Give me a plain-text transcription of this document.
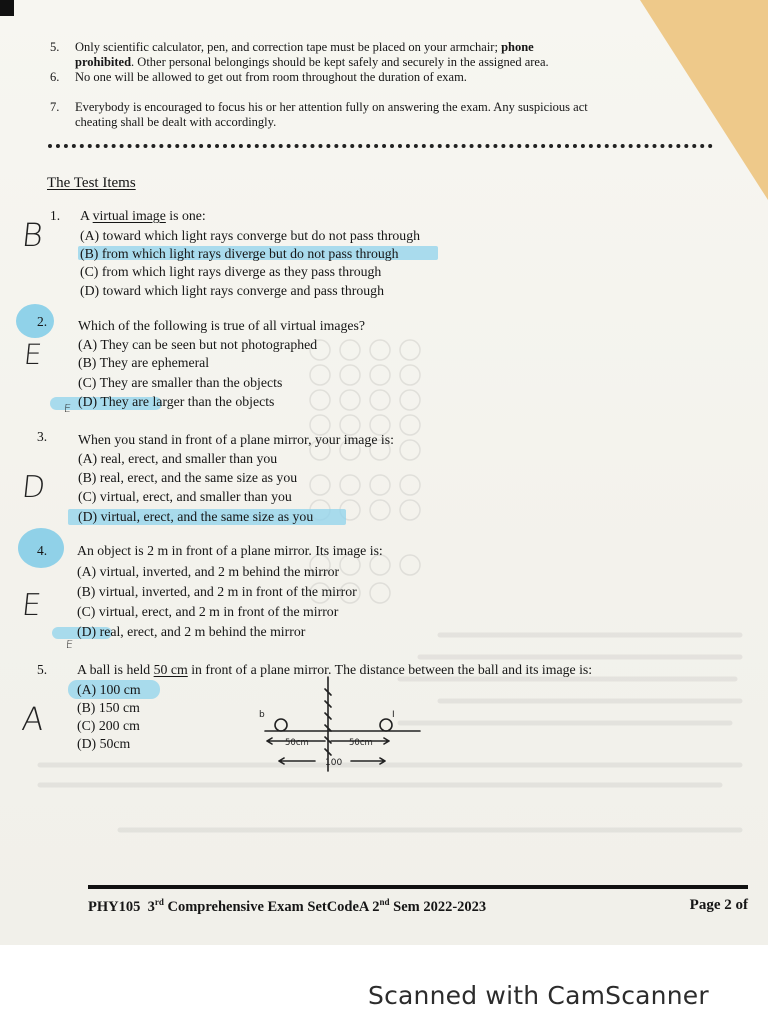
5. Only scientific calculator, pen, and correction tape must be placed on your armchair; phone
prohibited. Other personal belongings should be kept safely and securely in the assigned area.
6. No one will be allowed to get out from room throughout the duration of exam.
7. Everybody is encouraged to focus his or her attention fully on answering the exam. Any suspicious act
cheating shall be dealt with accordingly.
The Test Items
1. A virtual image is one:
(A) toward which light rays converge but do not pass through
(B) from which light rays diverge but do not pass through
(C) from which light rays diverge as they pass through
(D) toward which light rays converge and pass through
B
2. Which of the following is true of all virtual images?
(A) They can be seen but not photographed
(B) They are ephemeral
(C) They are smaller than the objects
(D) They are larger than the objects
E
E
3. When you stand in front of a plane mirror, your image is:
(A) real, erect, and smaller than you
(B) real, erect, and the same size as you
(C) virtual, erect, and smaller than you
(D) virtual, erect, and the same size as you
D
4. An object is 2 m in front of a plane mirror. Its image is:
(A) virtual, inverted, and 2 m behind the mirror
(B) virtual, inverted, and 2 m in front of the mirror
(C) virtual, erect, and 2 m in front of the mirror
(D) real, erect, and 2 m behind the mirror
E
E
5. A ball is held 50 cm in front of a plane mirror. The distance between the ball and its image is:
(A) 100 cm
(B) 150 cm
(C) 200 cm
(D) 50cm
A	b	I
50cm	50cm
100
PHY105 3rd Comprehensive Exam SetCodeA 2nd Sem 2022-2023	Page 2 of
Scanned with CamScanner
